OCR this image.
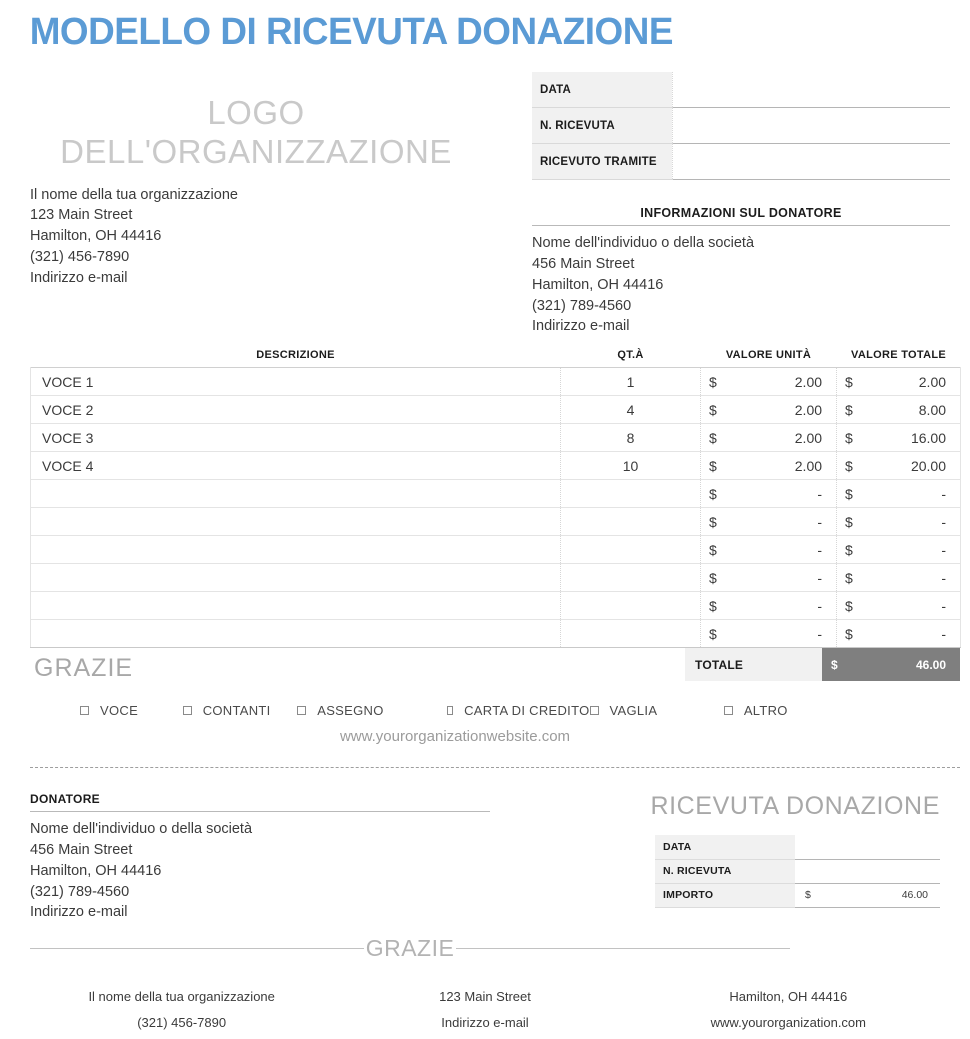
MODELLO DI RICEVUTA DONAZIONE
LOGO
DELL'ORGANIZZAZIONE
Il nome della tua organizzazione
123 Main Street
Hamilton, OH 44416
(321) 456-7890
Indirizzo e-mail
DATA	
N. RICEVUTA	
RICEVUTO TRAMITE	
INFORMAZIONI SUL DONATORE
Nome dell'individuo o della società
456 Main Street
Hamilton, OH 44416
(321) 789-4560
Indirizzo e-mail
DESCRIZIONE	QT.À	VALORE UNITÀ		VALORE TOTALE	
VOCE 1	1	$	2.00	$	2.00
VOCE 2	4	$	2.00	$	8.00
VOCE 3	8	$	2.00	$	16.00
VOCE 4	10	$	2.00	$	20.00
		$	-	$	-
		$	-	$	-
		$	-	$	-
		$	-	$	-
		$	-	$	-
		$	-	$	-
GRAZIE	TOTALE	$	46.00
VOCE	CONTANTI	ASSEGNO	CARTA DI CREDITO VAGLIA	ALTRO
www.yourorganizationwebsite.com
DONATORE
Nome dell'individuo o della società
456 Main Street
Hamilton, OH 44416
(321) 789-4560
Indirizzo e-mail
RICEVUTA DONAZIONE
DATA		
N. RICEVUTA		
IMPORTO	$	46.00
GRAZIE
Il nome della tua organizzazione
(321) 456-7890
123 Main Street
Indirizzo e-mail
Hamilton, OH 44416
www.yourorganization.com
